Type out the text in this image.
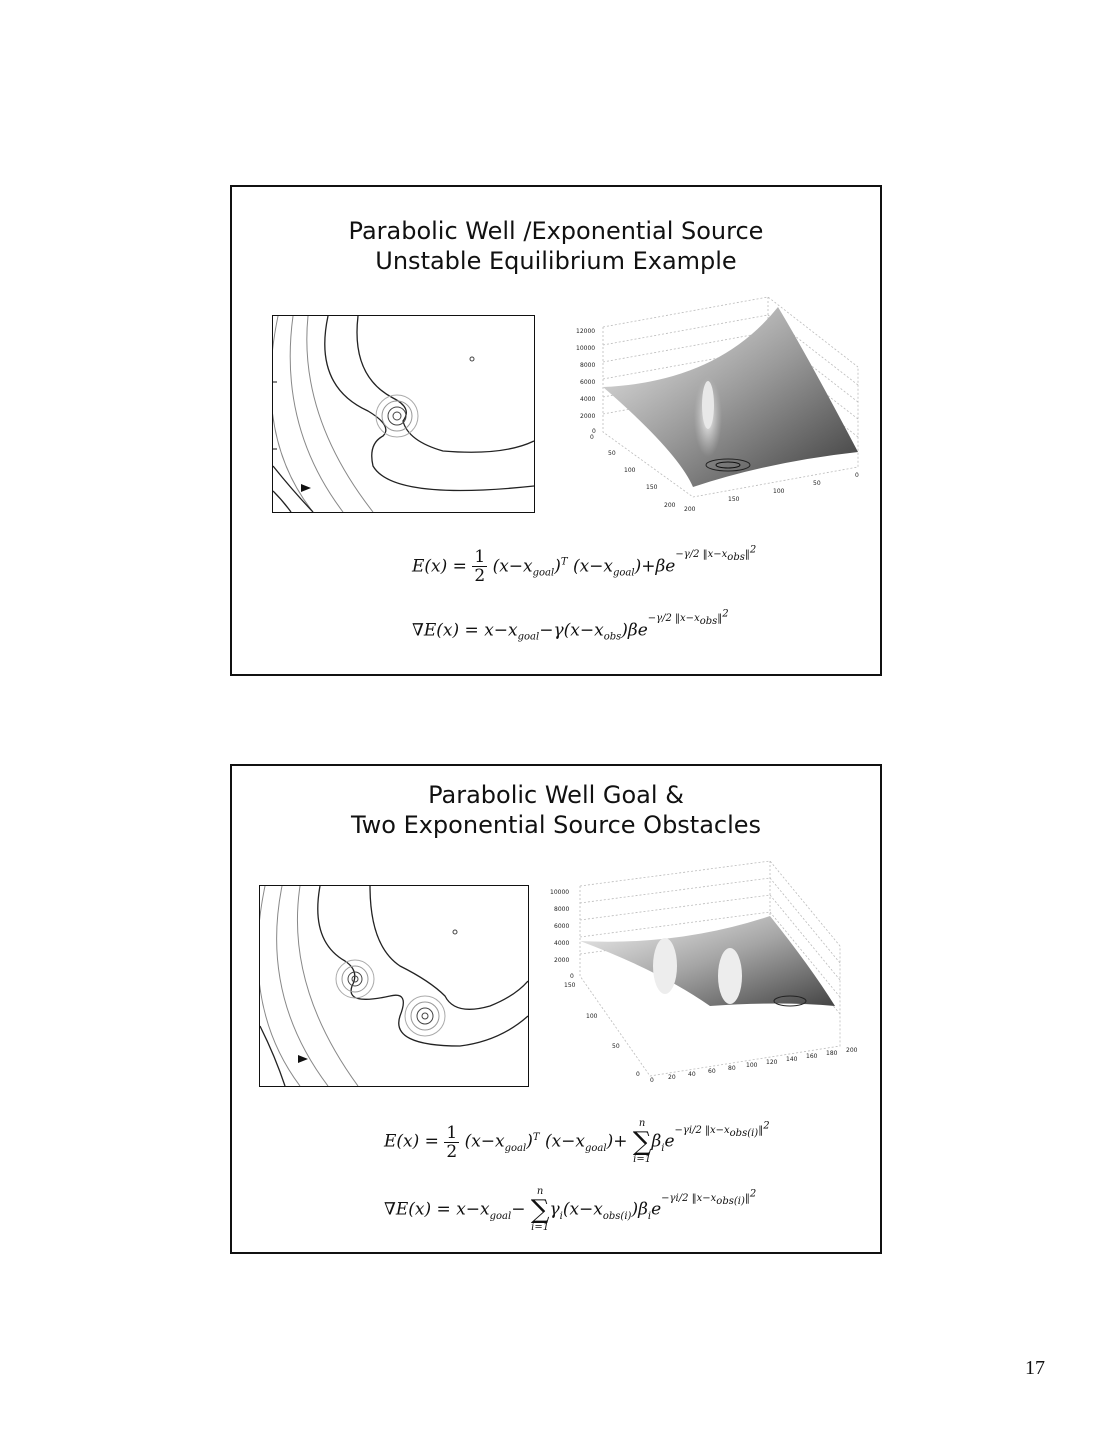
Parabolic Well /Exponential Source
Unstable Equilibrium Example
12000
10000
8000
6000
4000
2000
0
0
50
100
150
200
200
150
100
50
0
$E(x) = \frac{1}{2} (x-x_{goal})^T$ $(x-x_{goal})+\beta e^{-\gamma/2 ‖x-x_{obs}‖^2}$
$\nabla E(x) = x-x_{goal}-\gamma(x-x_{obs})\beta e^{-\gamma/2 ‖x-x_{obs}‖^2}$
Parabolic Well Goal &
Two Exponential Source Obstacles
10000
8000
6000
4000
2000
0
150
100
50
0
0 20 40 60 80 100 120 140 160 180 200
$E(x) = \frac{1}{2} (x-x_{goal})^T$ $(x-x_{goal})+$
n
∑
i=1
$\beta_ie^{-\gamma i/2 ‖x-x_{obs(i)}‖^2}$
$\nabla E(x) = x-x_{goal}-$
n
∑
i=1
$\gamma_i(x-x_{obs(i)})\beta_ie^{-\gamma i/2 ‖x-x_{obs(i)}‖^2}$
17
